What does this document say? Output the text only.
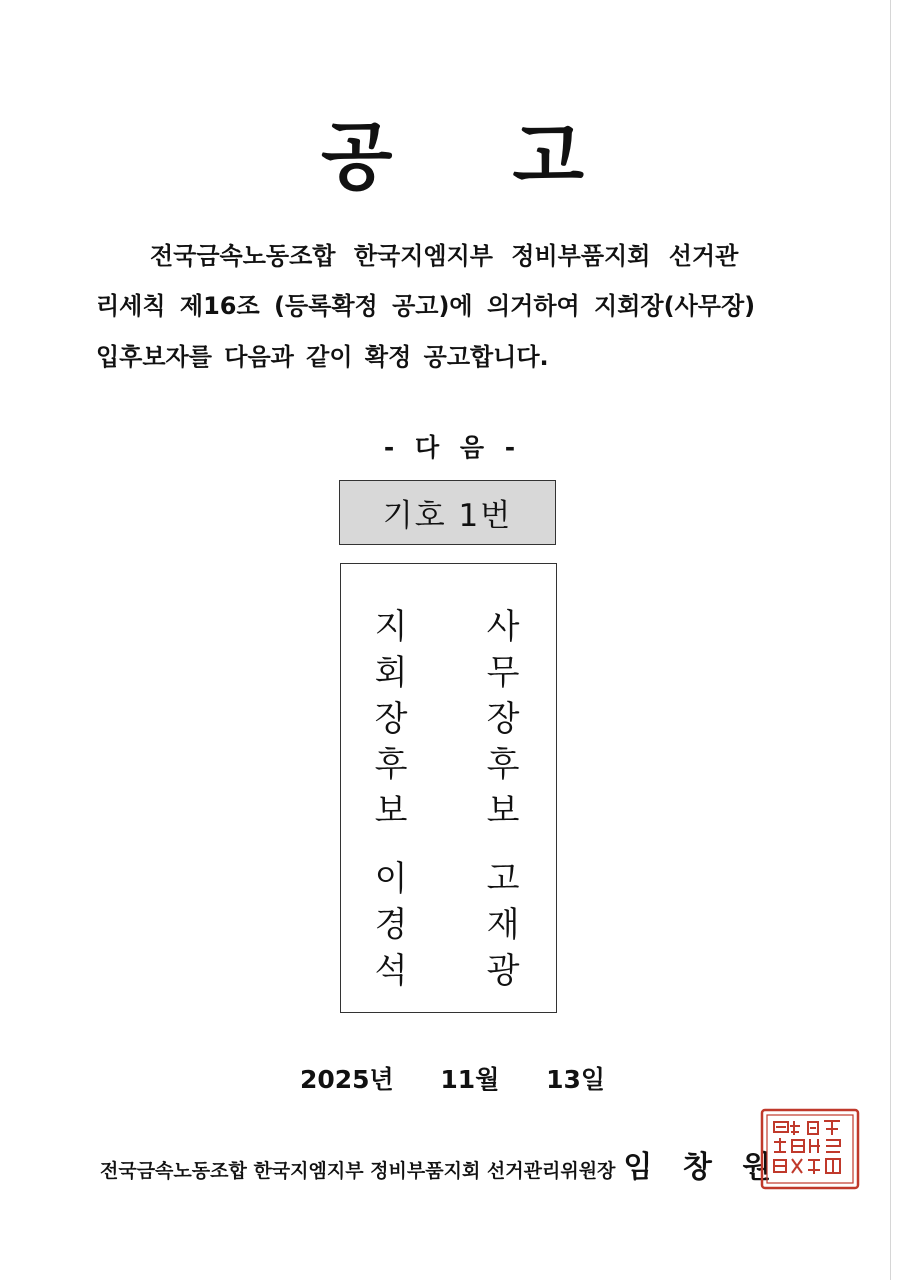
공 고
전국금속노동조합 한국지엠지부 정비부품지회 선거관
리세칙 제16조 (등록확정 공고)에 의거하여 지회장(사무장)
입후보자를 다음과 같이 확정 공고합니다.
- 다 음 -
기호 1번
지
회
장
후
보
사
무
장
후
보
이
경
석
고
재
광
2025년 11월 13일
전국금속노동조합 한국지엠지부 정비부품지회 선거관리위원장 임 창 원
